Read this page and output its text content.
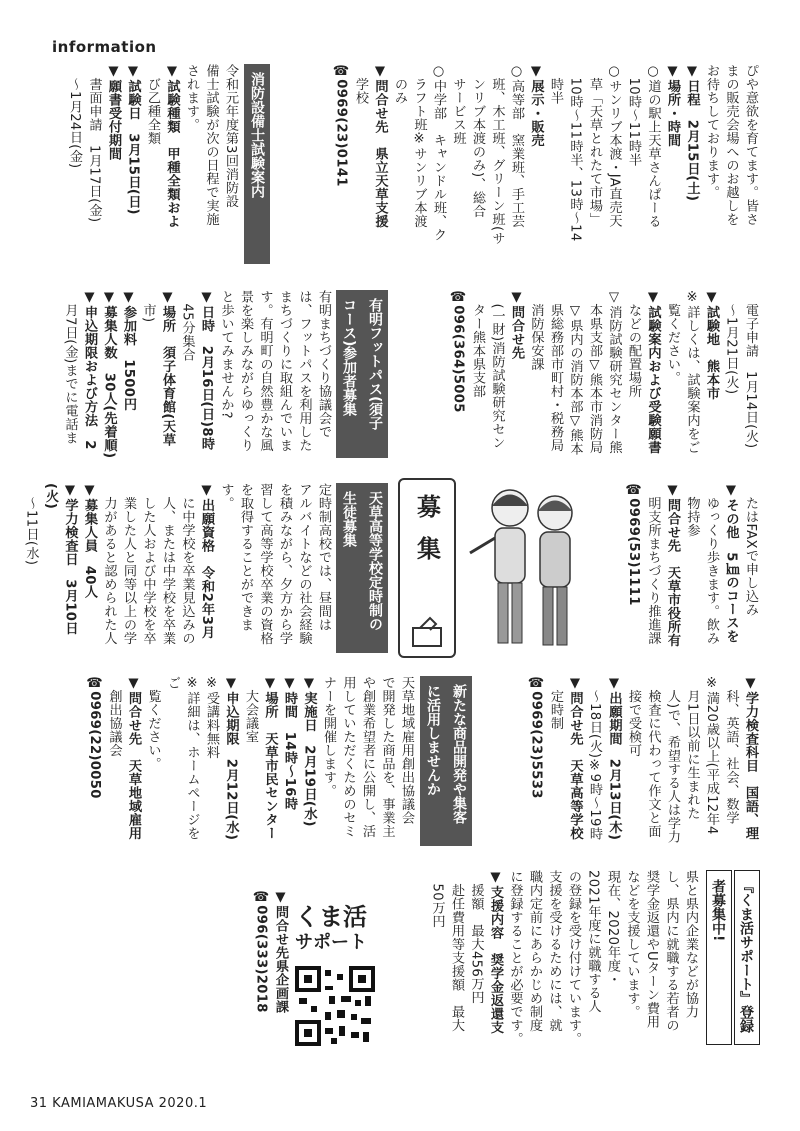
information

ぴや意欲を育てます。皆さ

まの販売会場へのお越しを

お待ちしております。

▼日程　2月15日(土)

▼場所・時間

○道の駅上天草さんぱーる

　10時～11時半

○サンリブ本渡・JA直売天

　草「天草とれたて市場」

　10時～11時半、13時～14

　時半

▼展示・販売

○高等部　窯業班、手工芸

　班、木工班、グリーン班(サ

　ンリブ本渡のみ)、総合

　サービス班

○中学部　キャンドル班、ク

　ラフト班※サンリブ本渡

　のみ

▼問合せ先　県立天草支援

　学校

☎0969(23)0141

消防設備士試験案内

令和元年度第3回消防設

備士試験が次の日程で実施

されます。

▼試験種類　甲種全類およ

　び乙種全類

▼試験日　3月15日(日)

▼願書受付期間

　書面申請　1月17日(金)

　～1月24日(金)

　電子申請　1月14日(火)

　～1月21日(火)

▼試験地　熊本市

※詳しくは、試験案内をご

　覧ください。

▼試験案内および受験願書

　などの配置場所

▽消防試験研究センター熊

　本県支部▽熊本市消防局

　▽県内の消防本部▽熊本

　県総務部市町村・税務局

　消防保安課

▼問合せ先

　(一財)消防試験研究セン

　ター熊本県支部

☎096(364)5005

有明フットパス(須子
コース)参加者募集

有明まちづくり協議会で

は、フットパスを利用した

まちづくりに取組んでいま

す。有明町の自然豊かな風

景を楽しみながらゆっくり

と歩いてみませんか?

▼日時　2月16日(日)8時

　45分集合

▼場所　須子体育館(天草

　市)

▼参加料　1500円

▼募集人数　30人(先着順)

▼申込期限および方法　2

　月7日(金)までに電話ま

　たはFAXで申し込み

▼その他　5㎞のコースを

　ゆっくり歩きます。飲み

　物持参

▼問合せ先　天草市役所有

　明支所まちづくり推進課

☎0969(53)1111

募集
天草高等学校定時制の
生徒募集

定時制高校では、昼間は

アルバイトなどの社会経験

を積みながら、夕方から学

習して高等学校卒業の資格

を取得することができます。

▼出願資格　令和2年3月

　に中学校を卒業見込みの

　人、または中学校を卒業

　した人および中学校を卒

　業した人と同等以上の学

　力があると認められた人

▼募集人員　40人

▼学力検査日　3月10日(火)

　～11日(水)

▼学力検査科目　国語、理

　科、英語、社会、数学

※満20歳以上(平成12年4

　月1日以前に生まれた

　人)で、希望する人は学力

　検査に代わって作文と面

　接で受検可

▼出願期間　2月13日(木)

　～18日(火)※9時～19時

▼問合せ先　天草高等学校

　定時制

☎0969(23)5533

新たな商品開発や集客
に活用しませんか

天草地域雇用創出協議会

で開発した商品を、事業主

や創業希望者に公開し、活

用していただくためのセミ

ナーを開催します。

▼実施日　2月19日(水)

▼時間　14時～16時

▼場所　天草市民センター

　大会議室

▼申込期限　2月12日(水)

※受講料無料

※詳細は、ホームページをご

　覧ください。

▼問合せ先　天草地域雇用

　創出協議会

☎0969(22)0050

『くま活サポート』登録
者募集中!

県と県内企業などが協力

し、県内に就職する若者の

奨学金返還やUターン費用

などを支援しています。

現在、2020年度・

2021年度に就職する人

の登録を受け付けています。

支援を受けるためには、就

職内定前にあらかじめ制度

に登録することが必要です。

▼支援内容　奨学金返還支

　援額　最大456万円

　赴任費用等支援額　最大

　50万円

くま活
サポート

▼問合せ先県企画課

☎096(333)2018

31 KAMIAMAKUSA 2020.1
